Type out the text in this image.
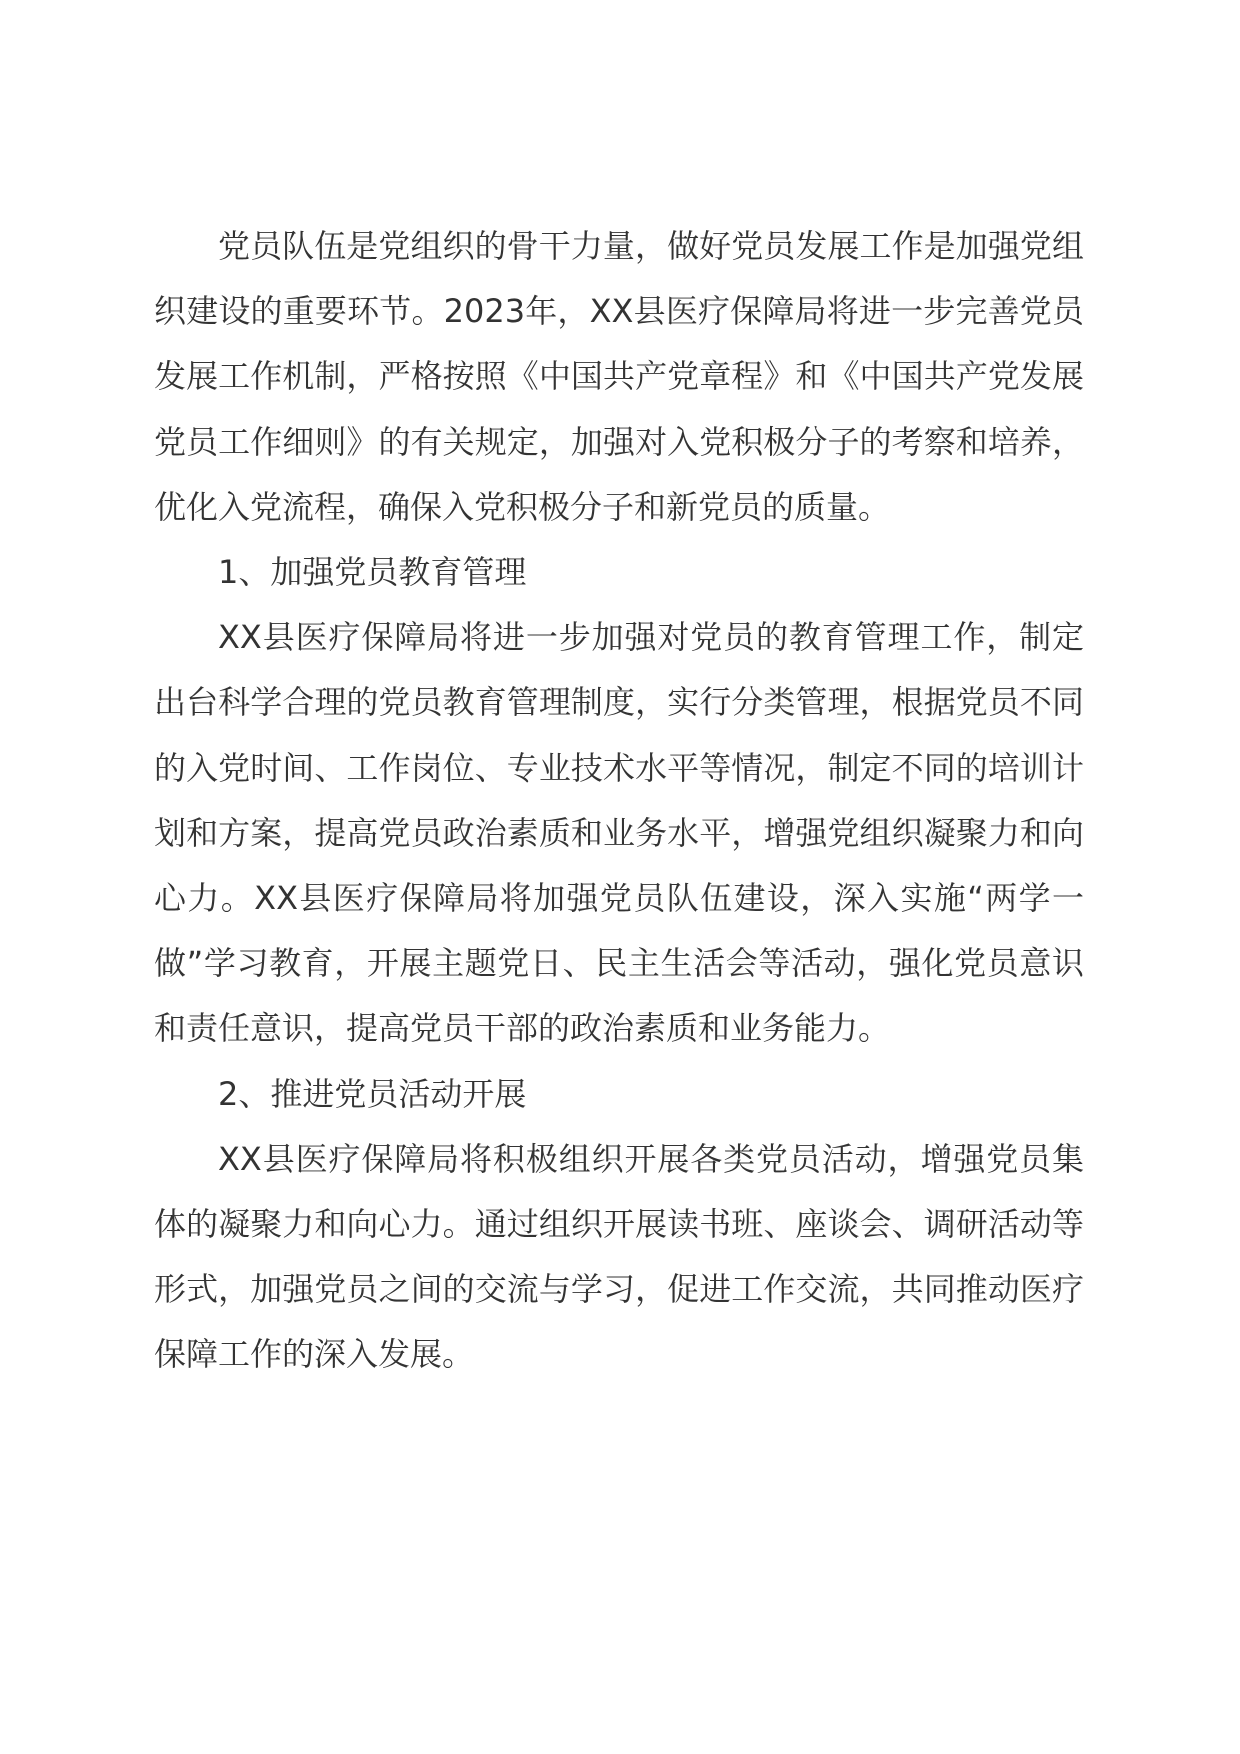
党员队伍是党组织的骨干力量，做好党员发展工作是加强党组织建设的重要环节。2023年，XX县医疗保障局将进一步完善党员发展工作机制，严格按照《中国共产党章程》和《中国共产党发展党员工作细则》的有关规定，加强对入党积极分子的考察和培养，优化入党流程，确保入党积极分子和新党员的质量。

1、加强党员教育管理

XX县医疗保障局将进一步加强对党员的教育管理工作，制定出台科学合理的党员教育管理制度，实行分类管理，根据党员不同的入党时间、工作岗位、专业技术水平等情况，制定不同的培训计划和方案，提高党员政治素质和业务水平，增强党组织凝聚力和向心力。XX县医疗保障局将加强党员队伍建设，深入实施“两学一做”学习教育，开展主题党日、民主生活会等活动，强化党员意识和责任意识，提高党员干部的政治素质和业务能力。

2、推进党员活动开展

XX县医疗保障局将积极组织开展各类党员活动，增强党员集体的凝聚力和向心力。通过组织开展读书班、座谈会、调研活动等形式，加强党员之间的交流与学习，促进工作交流，共同推动医疗保障工作的深入发展。
